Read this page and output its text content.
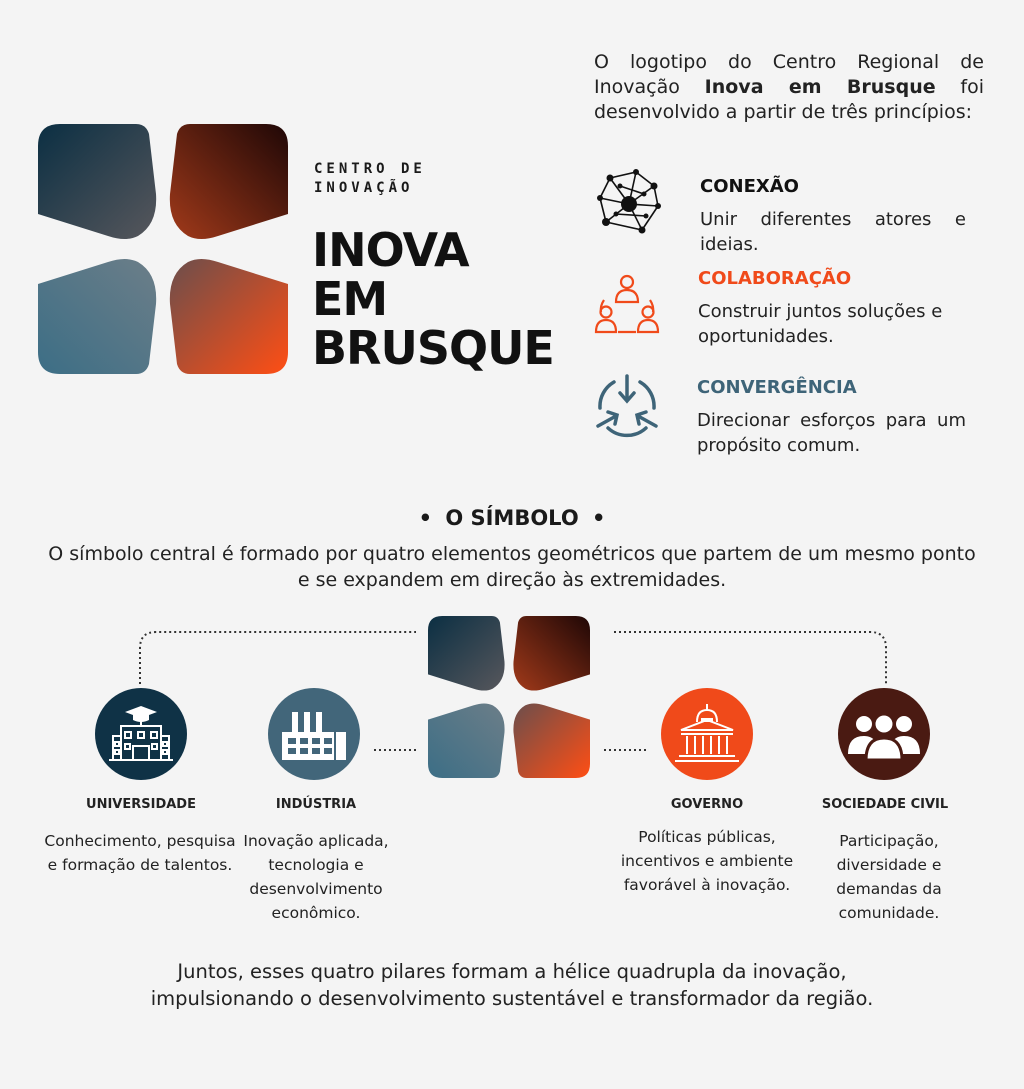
CENTRO DE
INOVAÇÃO
INOVA
EM
BRUSQUE
O logotipo do Centro Regional de Inovação Inova em Brusque foi desenvolvido a partir de três princípios:
CONEXÃO
Unir diferentes atores e ideias.
COLABORAÇÃO
Construir juntos soluções e oportunidades.
CONVERGÊNCIA
Direcionar esforços para um propósito comum.
• O SÍMBOLO •
O símbolo central é formado por quatro elementos geométricos que partem de um mesmo ponto e se expandem em direção às extremidades.
UNIVERSIDADE
Conhecimento, pesquisa e formação de talentos.
INDÚSTRIA
Inovação aplicada, tecnologia e desenvolvimento econômico.
GOVERNO
Políticas públicas, incentivos e ambiente favorável à inovação.
SOCIEDADE CIVIL
Participação, diversidade e demandas da comunidade.
Juntos, esses quatro pilares formam a hélice quadrupla da inovação, impulsionando o desenvolvimento sustentável e transformador da região.
